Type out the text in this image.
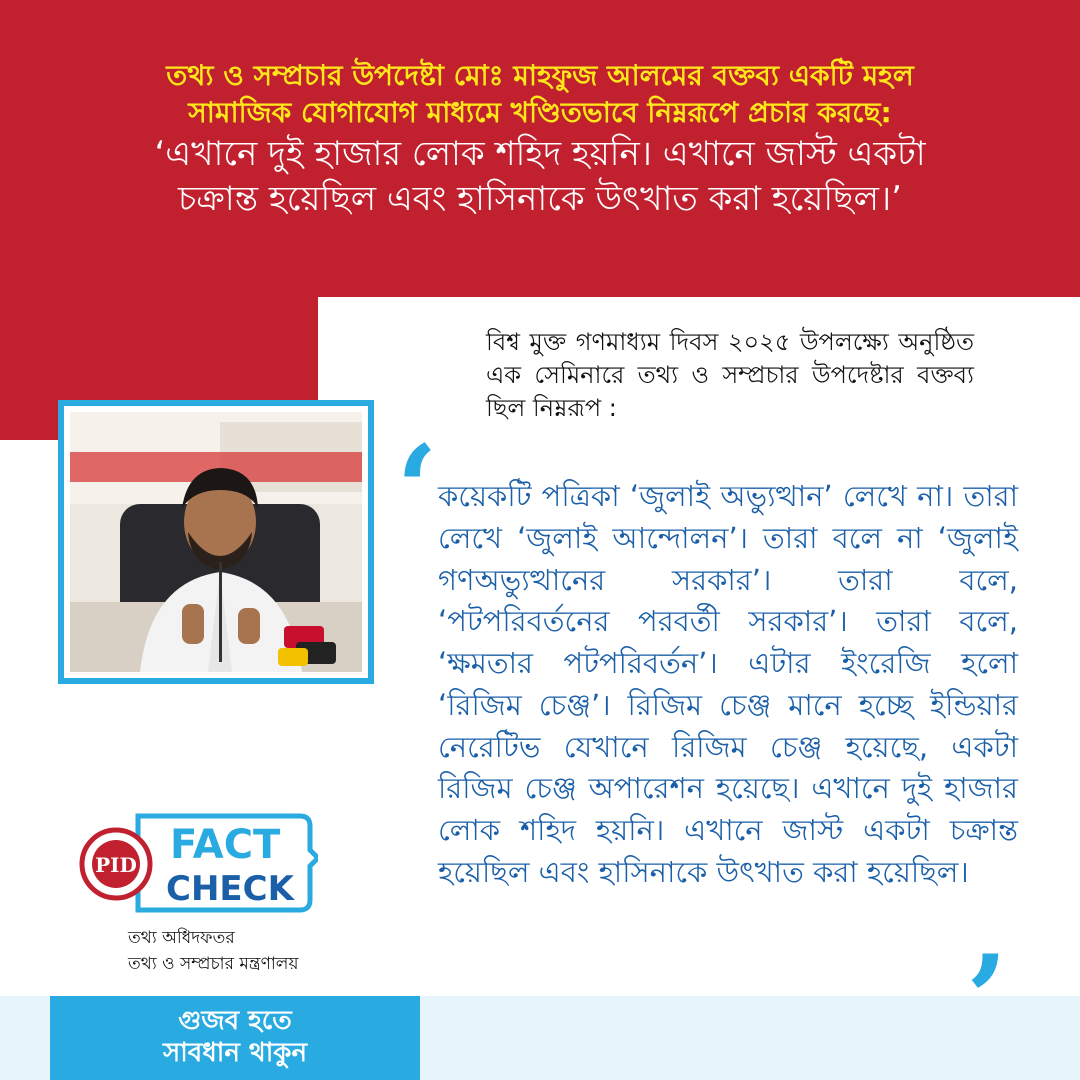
তথ্য ও সম্প্রচার উপদেষ্টা মোঃ মাহফুজ আলমের বক্তব্য একটি মহল
সামাজিক যোগাযোগ মাধ্যমে খণ্ডিতভাবে নিম্নরূপে প্রচার করছে:
‘এখানে দুই হাজার লোক শহিদ হয়নি। এখানে জাস্ট একটা
চক্রান্ত হয়েছিল এবং হাসিনাকে উৎখাত করা হয়েছিল।’
বিশ্ব মুক্ত গণমাধ্যম দিবস ২০২৫ উপলক্ষ্যে অনুষ্ঠিত এক সেমিনারে তথ্য ও সম্প্রচার উপদেষ্টার বক্তব্য ছিল নিম্নরূপ :
‘ কয়েকটি পত্রিকা ‘জুলাই অভ্যুত্থান’ লেখে না। তারা লেখে ‘জুলাই আন্দোলন’। তারা বলে না ‘জুলাই গণঅভ্যুত্থানের সরকার’। তারা বলে, ‘পটপরিবর্তনের পরবর্তী সরকার’। তারা বলে, ‘ক্ষমতার পটপরিবর্তন’। এটার ইংরেজি হলো ‘রিজিম চেঞ্জ’। রিজিম চেঞ্জ মানে হচ্ছে ইন্ডিয়ার নেরেটিভ যেখানে রিজিম চেঞ্জ হয়েছে, একটা রিজিম চেঞ্জ অপারেশন হয়েছে। এখানে দুই হাজার লোক শহিদ হয়নি। এখানে জাস্ট একটা চক্রান্ত হয়েছিল এবং হাসিনাকে উৎখাত করা হয়েছিল।
PID FACT
CHECK
তথ্য অধিদফতর
তথ্য ও সম্প্রচার মন্ত্রণালয়
গুজব হতে
সাবধান থাকুন
